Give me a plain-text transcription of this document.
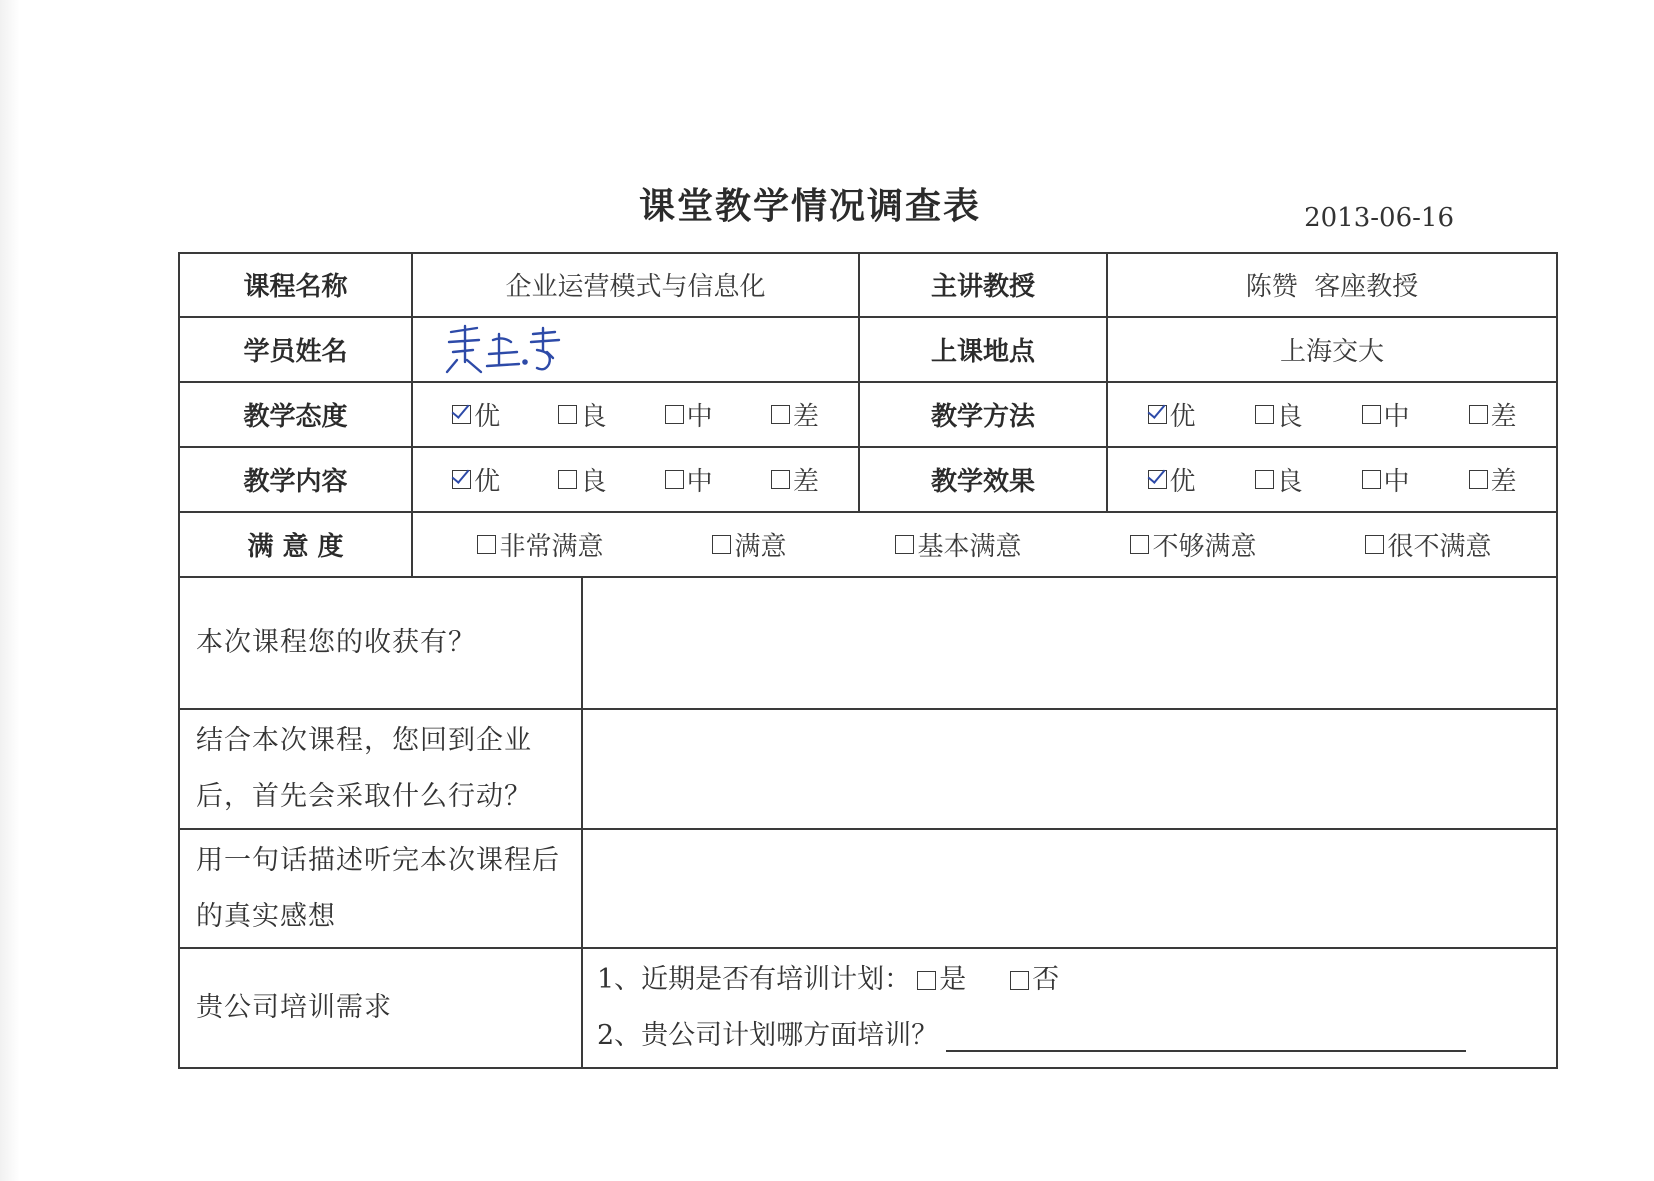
课堂教学情况调查表	2013-06-16
课程名称	企业运营模式与信息化		主讲教授	陈赞  客座教授
学员姓名			上课地点	上海交大
教学态度	优 良 中 差		教学方法	优 良 中 差

教学内容	优 良 中 差		教学效果	优 良 中 差

满 意 度	非常满意 满意 基本满意 不够满意 很不满意			

本次课程您的收获有？				
结合本次课程，您回到企业后，首先会采取什么行动？				
用一句话描述听完本次课程后的真实感想				
贵公司培训需求		1、近期是否有培训计划： 是 否
2、贵公司计划哪方面培训？		
